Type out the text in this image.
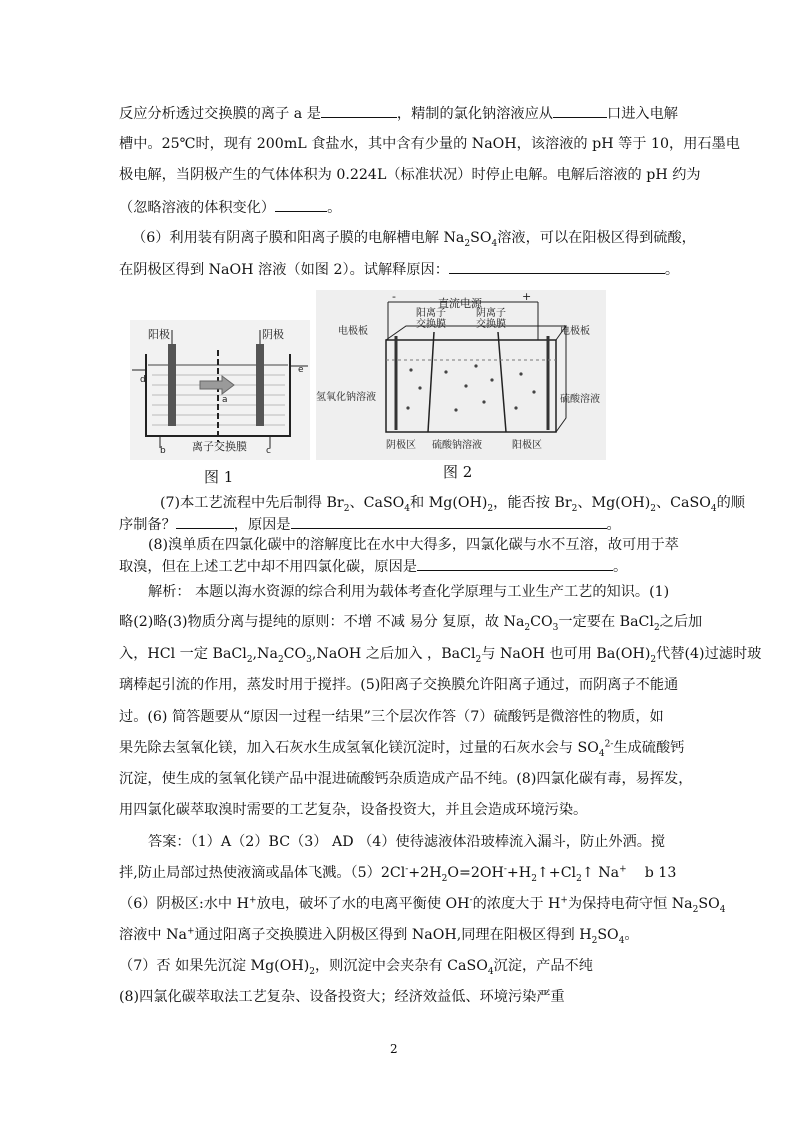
反应分析透过交换膜的离子 a 是	，精制的氯化钠溶液应从	口进入电解
槽中。25℃时，现有 200mL 食盐水，其中含有少量的 NaOH，该溶液的 pH 等于 10，用石墨电
极电解，当阴极产生的气体体积为 0.224L（标准状况）时停止电解。电解后溶液的 pH 约为
（忽略溶液的体积变化）	。
（6）利用装有阴离子膜和阳离子膜的电解槽电解 $Na_2SO_4$溶液，可以在阳极区得到硫酸，
在阴极区得到 NaOH 溶液（如图 2）。试解释原因：	。
阳极	阴极
a
d
e
b	c
离子交换膜
图 1
-	+
直流电源
阳离子
交换膜
阴离子
交换膜
电极板	电极板
氢氧化钠溶液	硫酸溶液
阴极区 硫酸钠溶液	阳极区
图 2
(7)本工艺流程中先后制得 $Br_2$、CaSO$_4$和 $Mg(OH)_2$，能否按 $Br_2$、$Mg(OH)_2$、CaSO$_4$的顺
序制备？	，原因是	。
(8)溴单质在四氯化碳中的溶解度比在水中大得多，四氯化碳与水不互溶，故可用于萃
取溴，但在上述工艺中却不用四氯化碳，原因是	。
解析： 本题以海水资源的综合利用为载体考查化学原理与工业生产工艺的知识。(1)
略(2)略(3)物质分离与提纯的原则：不增 不减 易分 复原，故 $Na_2CO_3$一定要在 BaCl$_2$之后加
入，HCl 一定 $BaCl_2,Na_2CO_3,NaOH$ 之后加入 ，BaCl$_2$与 NaOH 也可用 $Ba(OH)_2$代替(4)过滤时玻
璃棒起引流的作用，蒸发时用于搅拌。(5)阳离子交换膜允许阳离子通过，而阴离子不能通
过。(6) 简答题要从“原因一过程一结果”三个层次作答（7）硫酸钙是微溶性的物质，如
果先除去氢氧化镁，加入石灰水生成氢氧化镁沉淀时，过量的石灰水会与 $SO_4^{2-}$生成硫酸钙
沉淀，使生成的氢氧化镁产品中混进硫酸钙杂质造成产品不纯。(8)四氯化碳有毒，易挥发，
用四氯化碳萃取溴时需要的工艺复杂，设备投资大，并且会造成环境污染。
答案：（1）A（2）BC（3） AD （4）使待滤液体沿玻棒流入漏斗，防止外洒。搅
拌,防止局部过热使液滴或晶体飞溅。$(5)2Cl^-+2H_2O=2OH^-+H_2↑+Cl_2↑$ Na+ b 13
（6）阴极区:水中 H+放电，破坏了水的电离平衡使 OH-的浓度大于 H+为保持电荷守恒 $Na_2SO_4$
溶液中 Na+通过阳离子交换膜进入阴极区得到 NaOH,同理在阳极区得到 $H_2SO_4$。
（7）否 如果先沉淀 $Mg(OH)_2$，则沉淀中会夹杂有 CaSO$_4$沉淀，产品不纯
(8)四氯化碳萃取法工艺复杂、设备投资大；经济效益低、环境污染严重
2
